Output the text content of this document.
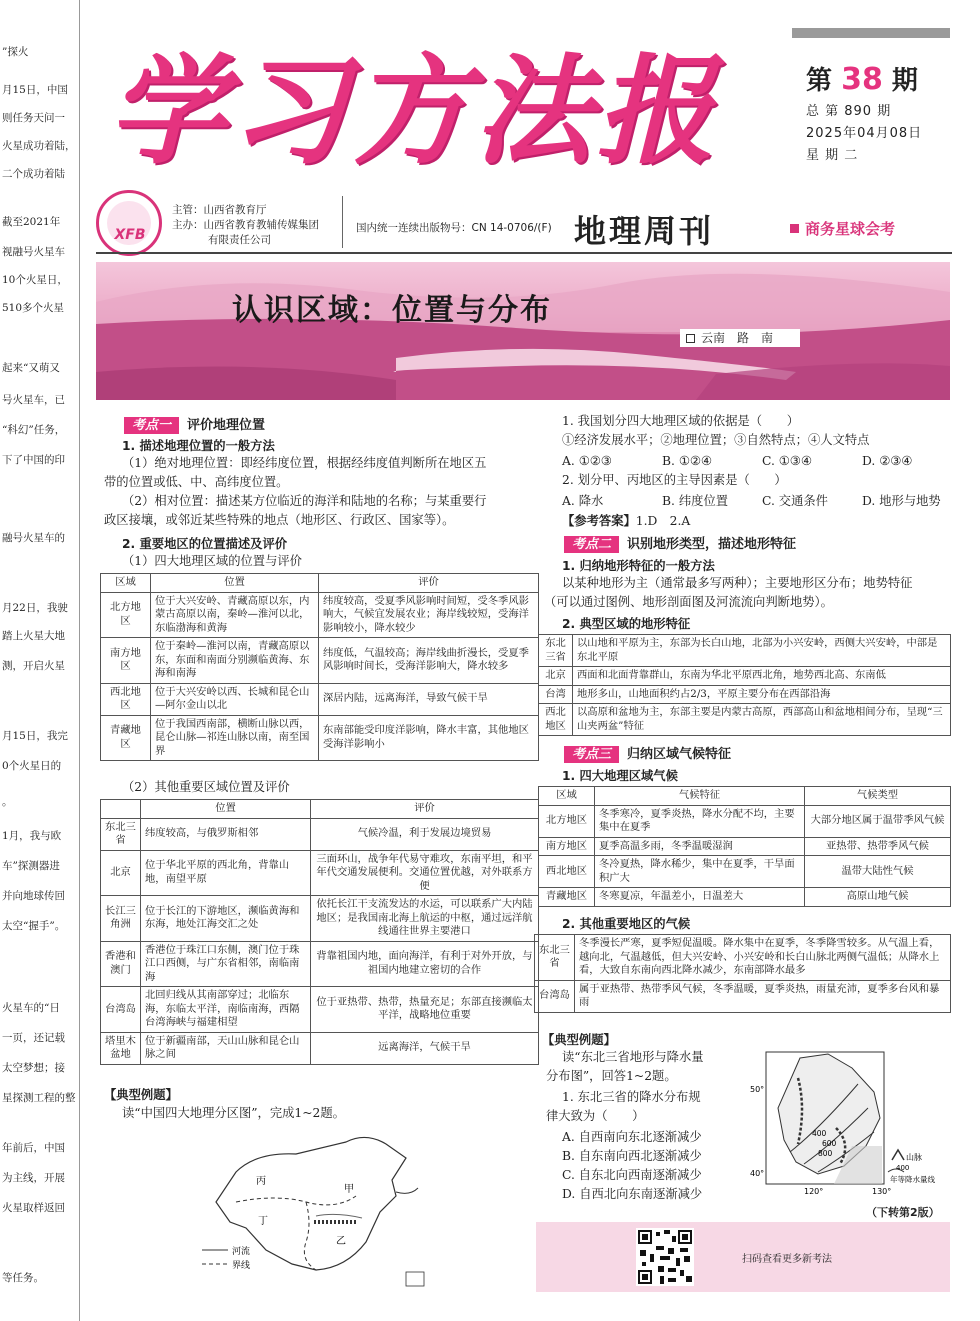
”探火
月15日，中国
则任务天问一
火星成功着陆，
二个成功着陆
截至2021年
视融号火星车
10个火星日，
510多个火星
起来“又萌又
号火星车，已
“科幻”任务，
下了中国的印
融号火星车的
月22日，我驶
踏上火星大地
测，开启火星
月15日，我完
0个火星日的
。
1月，我与欧
车”探测器进
并向地球传回
太空“握手”。
火星车的“日
一页，还记载
太空梦想；接
星探测工程的整
年前后，中国
为主线，开展
火星取样返回
等任务。
学习方法报	第 38 期
总 第 890 期
2025年04月08日
星 期 二
XFB
主管：山西省教育厅
主办：山西省教育教辅传媒集团
有限责任公司
国内统一连续出版物号：CN 14-0706/(F) 地理周刊	商务星球会考
认识区域：位置与分布
云南　路　南
考点一 评价地理位置
1. 描述地理位置的一般方法
（1）绝对地理位置：即经纬度位置，根据经纬度值判断所在地区五
带的位置或低、中、高纬度位置。
（2）相对位置：描述某方位临近的海洋和陆地的名称；与某重要行
政区接壤，或邻近某些特殊的地点（地形区、行政区、国家等）。
2. 重要地区的位置描述及评价
（1）四大地理区域的位置与评价
区域	位置	评价
北方地区	位于大兴安岭、青藏高原以东，内蒙古高原以南，秦岭—淮河以北，东临渤海和黄海	纬度较高，受夏季风影响时间短，受冬季风影响大，气候宜发展农业；海岸线较短，受海洋影响较小，降水较少
南方地区	位于秦岭—淮河以南，青藏高原以东，东面和南面分别濒临黄海、东海和南海	纬度低，气温较高；海岸线曲折漫长，受夏季风影响时间长，受海洋影响大，降水较多
西北地区	位于大兴安岭以西、长城和昆仑山—阿尔金山以北	深居内陆，远离海洋，导致气候干旱
青藏地区	位于我国西南部，横断山脉以西，昆仑山脉—祁连山脉以南，南至国界	东南部能受印度洋影响，降水丰富，其他地区受海洋影响小
（2）其他重要区域位置及评价
	位置	评价
东北三省	纬度较高，与俄罗斯相邻	气候冷温，利于发展边境贸易
北京	位于华北平原的西北角，背靠山地，南望平原	三面环山，战争年代易守难攻，东南平坦，和平年代交通发展便利。交通位置优越，对外联系方便
长江三角洲	位于长江的下游地区，濒临黄海和东海，地处江海交汇之处	依托长江干支流发达的水运，可以联系广大内陆地区；是我国南北海上航运的中枢，通过远洋航线通往世界主要港口
香港和澳门	香港位于珠江口东侧，澳门位于珠江口西侧，与广东省相邻，南临南海	背靠祖国内地，面向海洋，有利于对外开放，与祖国内地建立密切的合作
台湾岛	北回归线从其南部穿过；北临东海，东临太平洋，南临南海，西隔台湾海峡与福建相望	位于亚热带、热带，热量充足；东部直接濒临太平洋，战略地位重要
塔里木盆地	位于新疆南部，天山山脉和昆仑山脉之间	远离海洋，气候干旱
【典型例题】
读“中国四大地理分区图”，完成1~2题。
丙
甲
丁
乙
河流
界线
1. 我国划分四大地理区域的依据是（　　）
①经济发展水平；②地理位置；③自然特点；④人文特点
A. ①②③	B. ①②④	C. ①③④	D. ②③④
2. 划分甲、丙地区的主导因素是（　　）
A. 降水	B. 纬度位置	C. 交通条件	D. 地形与地势
【参考答案】1.D　2.A
考点二 识别地形类型，描述地形特征
1. 归纳地形特征的一般方法
以某种地形为主（通常最多写两种）；主要地形区分布；地势特征
（可以通过图例、地形剖面图及河流流向判断地势）。
2. 典型区域的地形特征
东北三省	以山地和平原为主，东部为长白山地，北部为小兴安岭，西侧大兴安岭，中部是东北平原
北京	西面和北面背靠群山，东南为华北平原西北角，地势西北高、东南低
台湾	地形多山，山地面积约占2/3，平原主要分布在西部沿海
西北地区	以高原和盆地为主，东部主要是内蒙古高原，西部高山和盆地相间分布，呈现“三山夹两盆”特征
考点三 归纳区域气候特征
1. 四大地理区域气候
区域	气候特征	气候类型
北方地区	冬季寒冷，夏季炎热，降水分配不均，主要集中在夏季	大部分地区属于温带季风气候
南方地区	夏季高温多雨，冬季温暖湿润	亚热带、热带季风气候
西北地区	冬冷夏热，降水稀少，集中在夏季，干旱面积广大	温带大陆性气候
青藏地区	冬寒夏凉，年温差小，日温差大	高原山地气候
2. 其他重要地区的气候
东北三省	冬季漫长严寒，夏季短促温暖。降水集中在夏季，冬季降雪较多。从气温上看，越向北，气温越低，但大兴安岭、小兴安岭和长白山脉北两侧气温低；从降水上看，大致自东南向西北降水减少，东南部降水最多
台湾岛	属于亚热带、热带季风气候，冬季温暖，夏季炎热，雨量充沛，夏季多台风和暴雨
【典型例题】
读“东北三省地形与降水量
分布图”，回答1~2题。
1. 东北三省的降水分布规
律大致为（　　）
A. 自西南向东北逐渐减少
B. 自东南向西北逐渐减少
C. 自东北向西南逐渐减少
D. 自西北向东南逐渐减少
50°
40°
120°	130°
400
600
800	山脉
400
年等降水量线
（下转第2版）
扫码查看更多新考法
